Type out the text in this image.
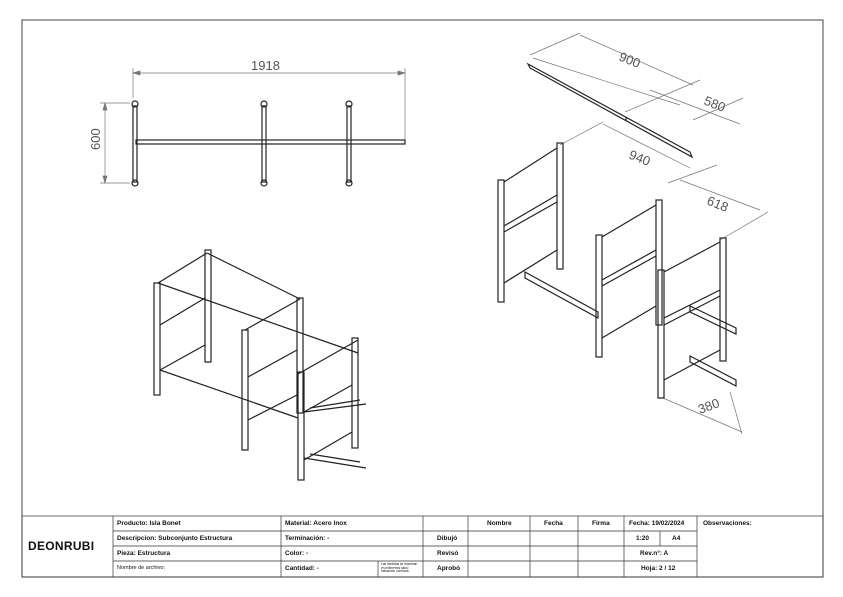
1918
600
900
580
940
618
380
DEONRUBI
Producto: Isla Bonet
Descripcion: Subconjunto Estructura
Pieza: Estructura
Nombre de archivo:
Material: Acero Inox
Terminación: -
Color: -
Cantidad: -
Las medidas se expresan en milímetros salvo indicación contraria
Dibujó
Revisó
Aprobó
Nombre	Fecha	Firma	Fecha: 19/02/2024
1:20	A4
Rev.n°: A
Hoja: 2 / 12
Observaciones:
